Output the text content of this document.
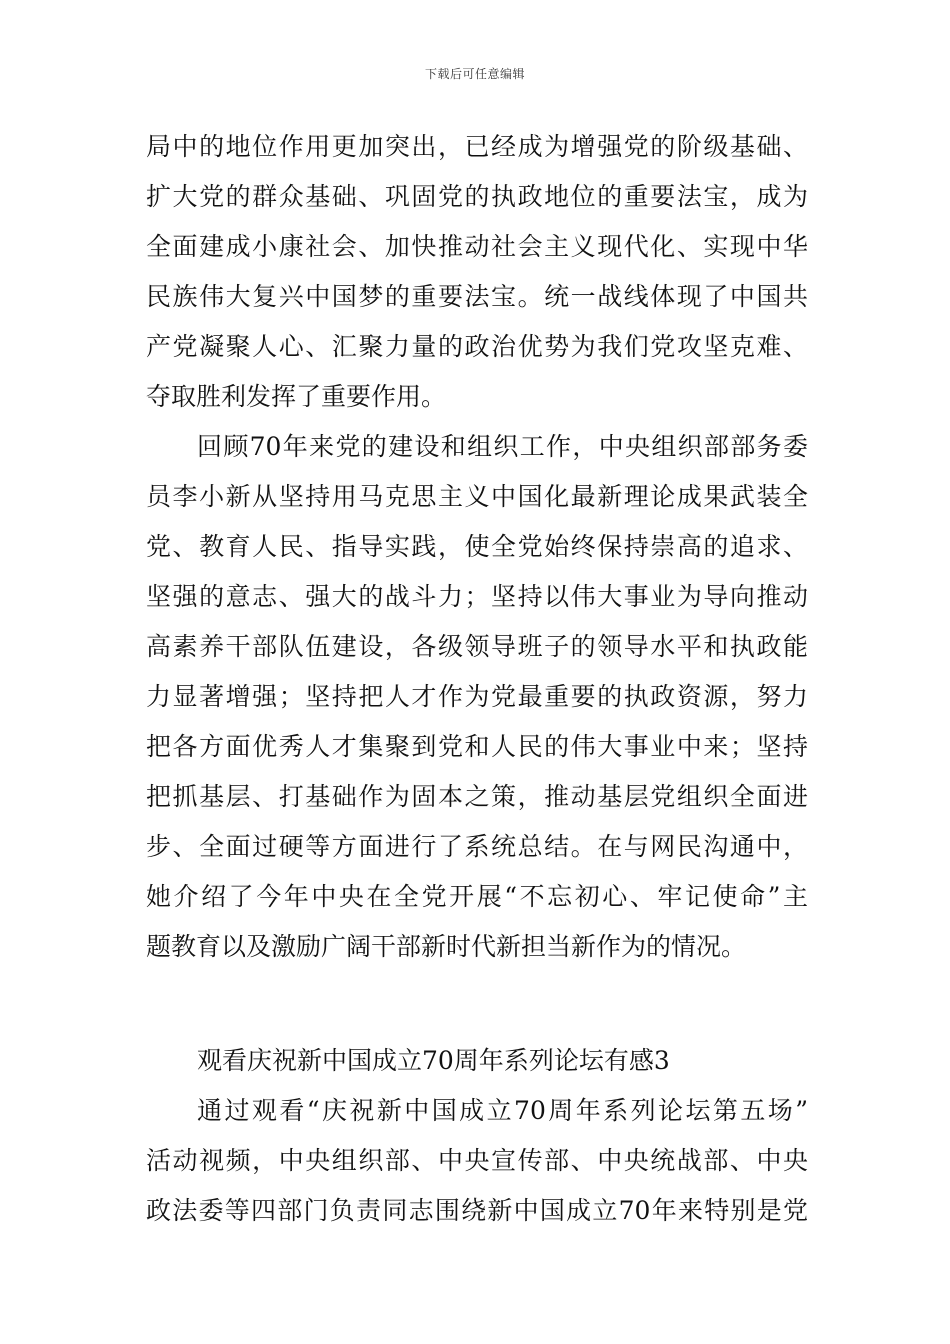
下载后可任意编辑
局中的地位作用更加突出，已经成为增强党的阶级基础、
扩大党的群众基础、巩固党的执政地位的重要法宝，成为
全面建成小康社会、加快推动社会主义现代化、实现中华
民族伟大复兴中国梦的重要法宝。统一战线体现了中国共
产党凝聚人心、汇聚力量的政治优势为我们党攻坚克难、
夺取胜利发挥了重要作用。
回顾70年来党的建设和组织工作，中央组织部部务委
员李小新从坚持用马克思主义中国化最新理论成果武装全
党、教育人民、指导实践，使全党始终保持崇高的追求、
坚强的意志、强大的战斗力；坚持以伟大事业为导向推动
高素养干部队伍建设，各级领导班子的领导水平和执政能
力显著增强；坚持把人才作为党最重要的执政资源，努力
把各方面优秀人才集聚到党和人民的伟大事业中来；坚持
把抓基层、打基础作为固本之策，推动基层党组织全面进
步、全面过硬等方面进行了系统总结。在与网民沟通中，
她介绍了今年中央在全党开展“不忘初心、牢记使命”主
题教育以及激励广阔干部新时代新担当新作为的情况。
观看庆祝新中国成立70周年系列论坛有感3
通过观看“庆祝新中国成立70周年系列论坛第五场”
活动视频，中央组织部、中央宣传部、中央统战部、中央
政法委等四部门负责同志围绕新中国成立70年来特别是党
